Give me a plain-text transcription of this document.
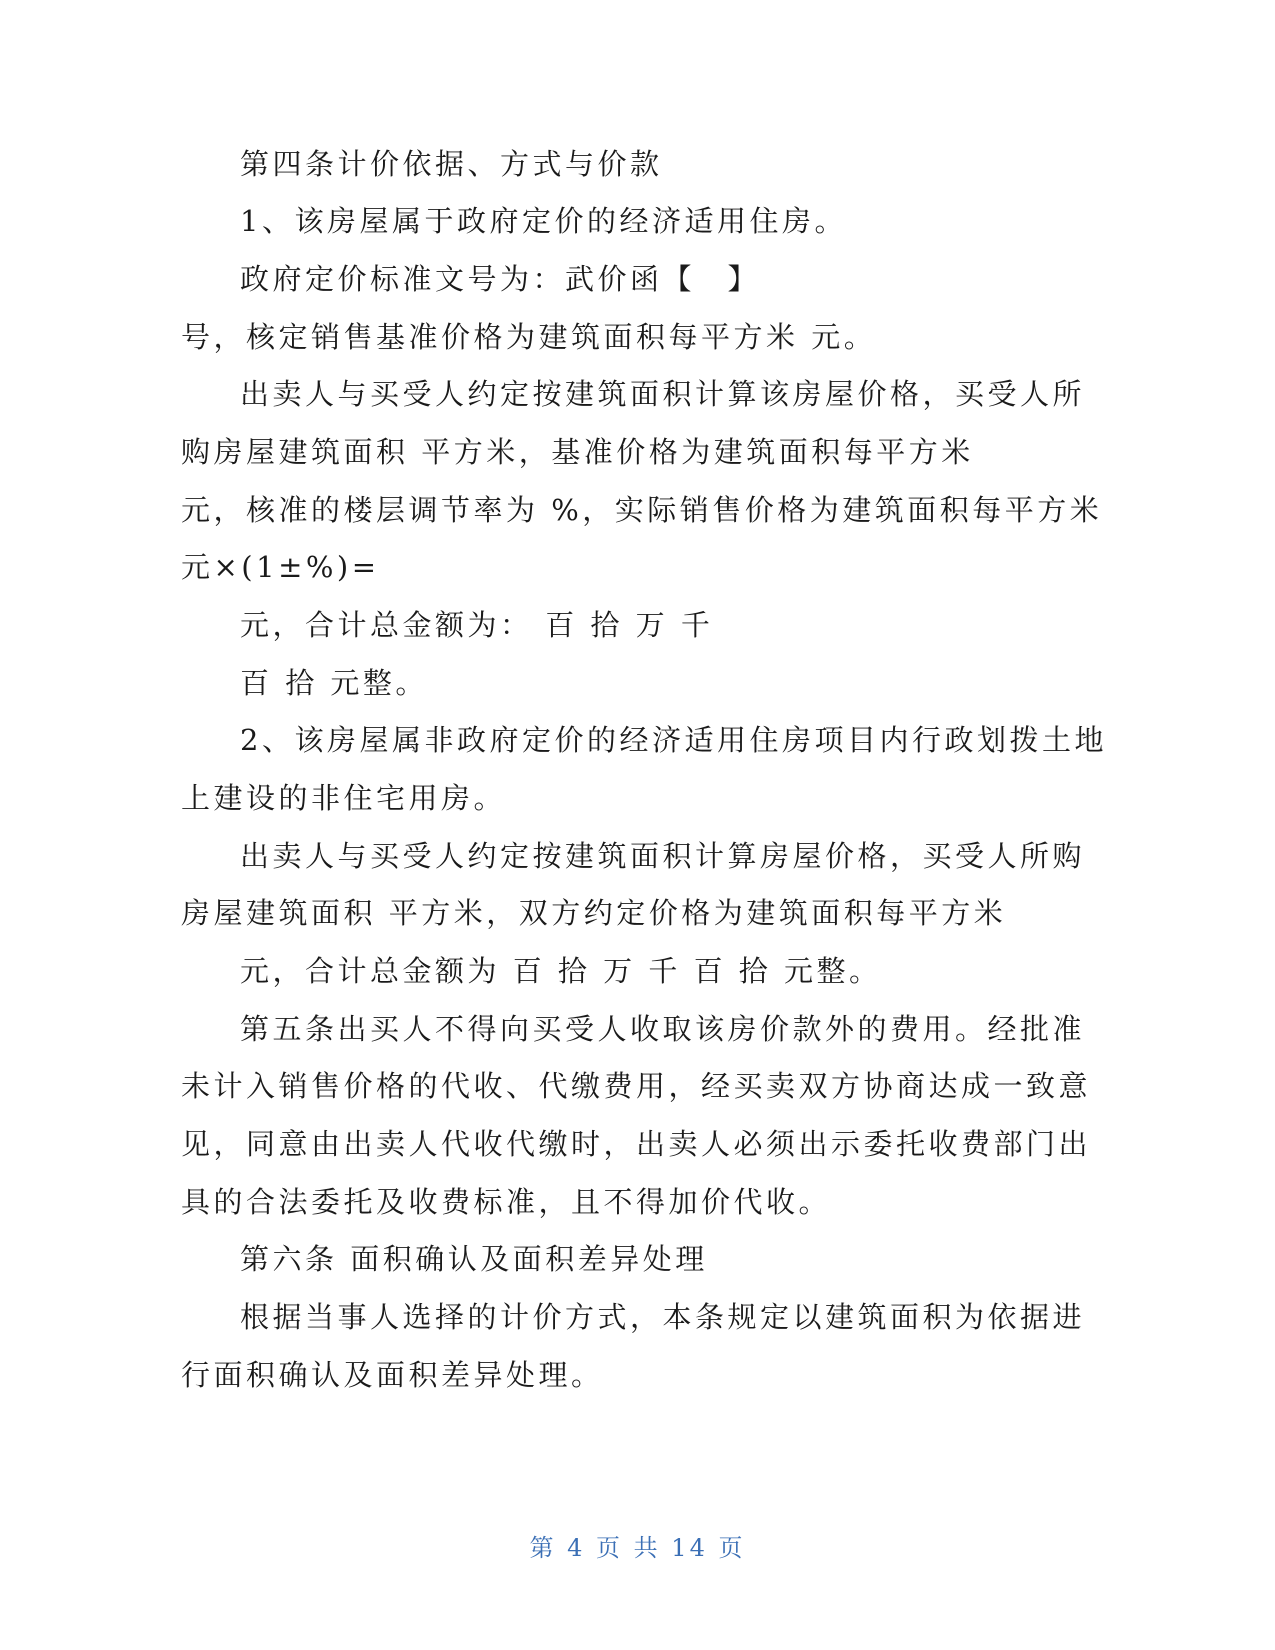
第四条计价依据、方式与价款
1、该房屋属于政府定价的经济适用住房。
政府定价标准文号为：武价函【　】
号，核定销售基准价格为建筑面积每平方米 元。
出卖人与买受人约定按建筑面积计算该房屋价格，买受人所
购房屋建筑面积 平方米，基准价格为建筑面积每平方米
元，核准的楼层调节率为 %，实际销售价格为建筑面积每平方米
元×(1±%)=
元，合计总金额为： 百 拾 万 千
百 拾 元整。
2、该房屋属非政府定价的经济适用住房项目内行政划拨土地
上建设的非住宅用房。
出卖人与买受人约定按建筑面积计算房屋价格，买受人所购
房屋建筑面积 平方米，双方约定价格为建筑面积每平方米
元，合计总金额为 百 拾 万 千 百 拾 元整。
第五条出买人不得向买受人收取该房价款外的费用。经批准
未计入销售价格的代收、代缴费用，经买卖双方协商达成一致意
见，同意由出卖人代收代缴时，出卖人必须出示委托收费部门出
具的合法委托及收费标准，且不得加价代收。
第六条 面积确认及面积差异处理
根据当事人选择的计价方式，本条规定以建筑面积为依据进
行面积确认及面积差异处理。
第 4 页 共 14 页
